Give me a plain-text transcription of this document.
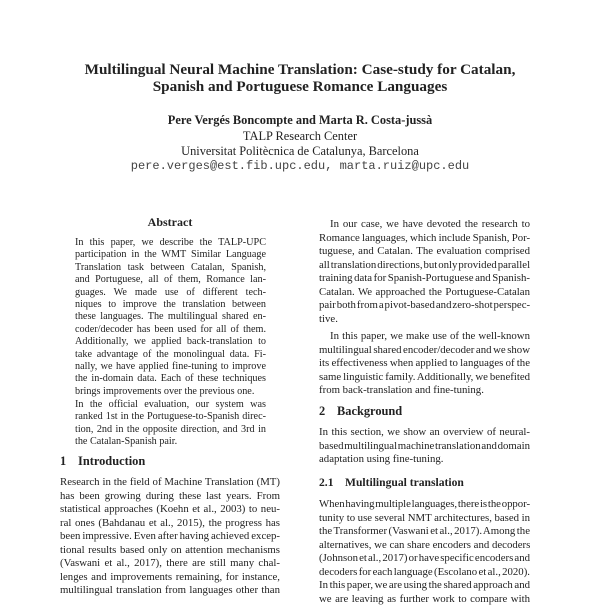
Multilingual Neural Machine Translation: Case-study for Catalan,
Spanish and Portuguese Romance Languages
Pere Vergés Boncompte and Marta R. Costa-jussà
TALP Research Center
Universitat Politècnica de Catalunya, Barcelona
pere.verges@est.fib.upc.edu, marta.ruiz@upc.edu
Abstract
In this paper, we describe the TALP-UPC
participation in the WMT Similar Language
Translation task between Catalan, Spanish,
and Portuguese, all of them, Romance lan-
guages. We made use of different tech-
niques to improve the translation between
these languages. The multilingual shared en-
coder/decoder has been used for all of them.
Additionally, we applied back-translation to
take advantage of the monolingual data. Fi-
nally, we have applied fine-tuning to improve
the in-domain data. Each of these techniques
brings improvements over the previous one.
In the official evaluation, our system was
ranked 1st in the Portuguese-to-Spanish direc-
tion, 2nd in the opposite direction, and 3rd in
the Catalan-Spanish pair.
1 Introduction
Research in the field of Machine Translation (MT)
has been growing during these last years. From
statistical approaches (Koehn et al., 2003) to neu-
ral ones (Bahdanau et al., 2015), the progress has
been impressive. Even after having achieved excep-
tional results based only on attention mechanisms
(Vaswani et al., 2017), there are still many chal-
lenges and improvements remaining, for instance,
multilingual translation from languages other than
In our case, we have devoted the research to
Romance languages, which include Spanish, Por-
tuguese, and Catalan. The evaluation comprised
all translation directions, but only provided parallel
training data for Spanish-Portuguese and Spanish-
Catalan. We approached the Portuguese-Catalan
pair both from a pivot-based and zero-shot perspec-
tive.
In this paper, we make use of the well-known
multilingual shared encoder/decoder and we show
its effectiveness when applied to languages of the
same linguistic family. Additionally, we benefited
from back-translation and fine-tuning.
2 Background
In this section, we show an overview of neural-
based multilingual machine translation and domain
adaptation using fine-tuning.
2.1 Multilingual translation
When having multiple languages, there is the oppor-
tunity to use several NMT architectures, based in
the Transformer (Vaswani et al., 2017). Among the
alternatives, we can share encoders and decoders
(Johnson et al., 2017) or have specific encoders and
decoders for each language (Escolano et al., 2020).
In this paper, we are using the shared approach and
we are leaving as further work to compare with
